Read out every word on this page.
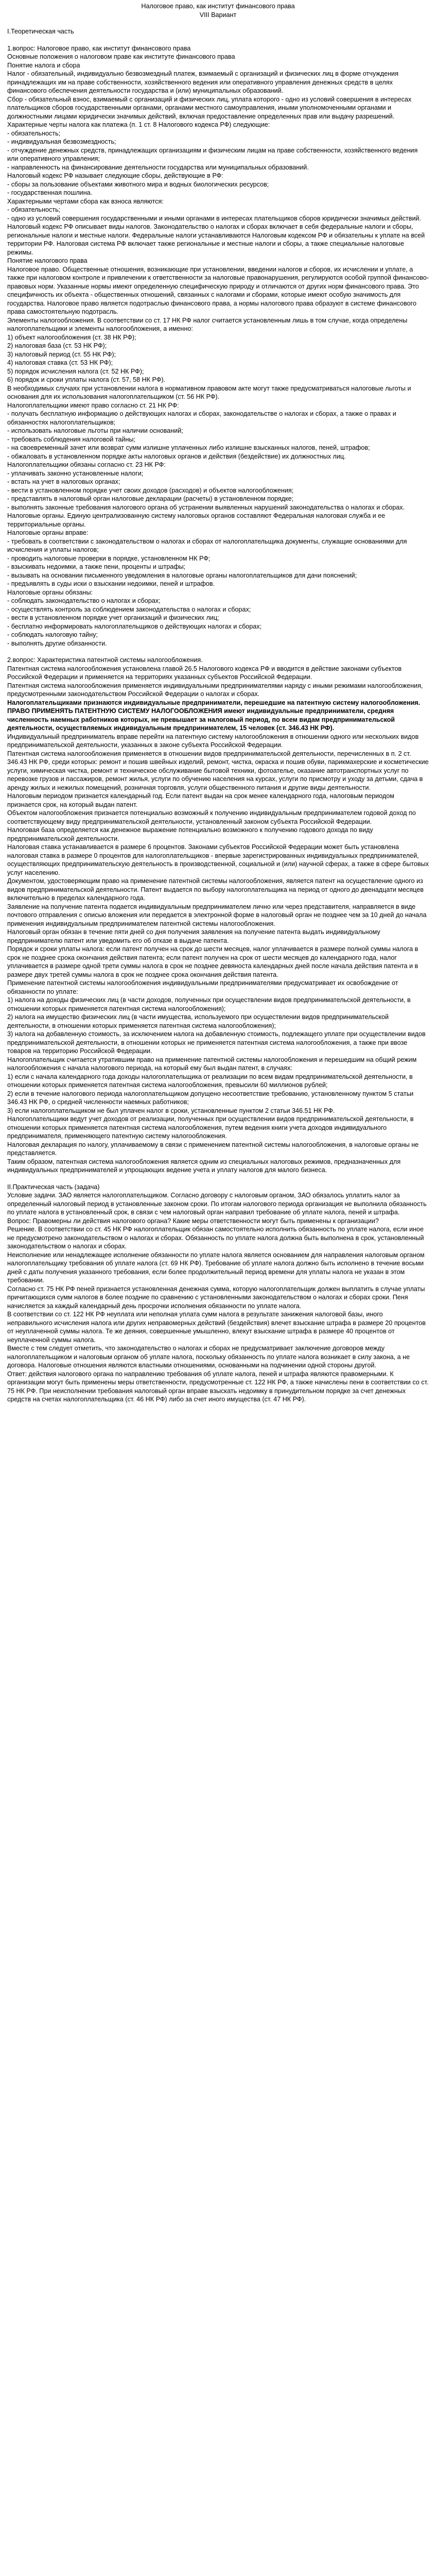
Налоговое право, как институт финансового права

VIII Вариант

I.Теоретическая часть

1.вопрос: Налоговое право, как институт финансового права

Основные положения о налоговом праве как институте финансового права

Понятие налога и сбора

Налог - обязательный, индивидуально безвозмездный платеж, взимаемый с организаций и физических лиц в форме отчуждения принадлежащих им на праве собственности, хозяйственного ведения или оперативного управления денежных средств в целях финансового обеспечения деятельности государства и (или) муниципальных образований.

Сбор - обязательный взнос, взимаемый с организаций и физических лиц, уплата которого - одно из условий совершения в интересах плательщиков сборов государственными органами, органами местного самоуправления, иными уполномоченными органами и должностными лицами юридически значимых действий, включая предоставление определенных прав или выдачу разрешений.

Характерные черты налога как платежа (п. 1 ст. 8 Налогового кодекса РФ) следующие:

- обязательность;

- индивидуальная безвозмездность;

- отчуждение денежных средств, принадлежащих организациям и физическим лицам на праве собственности, хозяйственного ведения или оперативного управления;

- направленность на финансирование деятельности государства или муниципальных образований.

Налоговый кодекс РФ называет следующие сборы, действующие в РФ:

- сборы за пользование объектами животного мира и водных биологических ресурсов;

- государственная пошлина.

Характерными чертами сбора как взноса являются:

- обязательность;

- одно из условий совершения государственными и иными органами в интересах плательщиков сборов юридически значимых действий.

Налоговый кодекс РФ описывает виды налогов. Законодательство о налогах и сборах включает в себя федеральные налоги и сборы, региональные налоги и местные налоги. Федеральные налоги устанавливаются Налоговым кодексом РФ и обязательны к уплате на всей территории РФ. Налоговая система РФ включает также региональные и местные налоги и сборы, а также специальные налоговые режимы.

Понятие налогового права

Налоговое право. Общественные отношения, возникающие при установлении, введении налогов и сборов, их исчислении и уплате, а также при налоговом контроле и привлечении к ответственности за налоговые правонарушения, регулируются особой группой финансово-правовых норм. Указанные нормы имеют определенную специфическую природу и отличаются от других норм финансового права. Это специфичность их объекта - общественных отношений, связанных с налогами и сборами, которые имеют особую значимость для государства. Налоговое право является подотраслью финансового права, а нормы налогового права образуют в системе финансового права самостоятельную подотрасль.

Элементы налогообложения. В соответствии со ст. 17 НК РФ налог считается установленным лишь в том случае, когда определены налогоплательщики и элементы налогообложения, а именно:

1) объект налогообложения (ст. 38 НК РФ);

2) налоговая база (ст. 53 НК РФ);

3) налоговый период (ст. 55 НК РФ);

4) налоговая ставка (ст. 53 НК РФ);

5) порядок исчисления налога (ст. 52 НК РФ);

6) порядок и сроки уплаты налога (ст. 57, 58 НК РФ).

В необходимых случаях при установлении налога в нормативном правовом акте могут также предусматриваться налоговые льготы и основания для их использования налогоплательщиком (ст. 56 НК РФ).

Налогоплательщики имеют право согласно ст. 21 НК РФ:

- получать бесплатную информацию о действующих налогах и сборах, законодательстве о налогах и сборах, а также о правах и обязанностях налогоплательщиков;

- использовать налоговые льготы при наличии оснований;

- требовать соблюдения налоговой тайны;

- на своевременный зачет или возврат сумм излишне уплаченных либо излишне взысканных налогов, пеней, штрафов;

- обжаловать в установленном порядке акты налоговых органов и действия (бездействие) их должностных лиц.

Налогоплательщики обязаны согласно ст. 23 НК РФ:

- уплачивать законно установленные налоги;

- встать на учет в налоговых органах;

- вести в установленном порядке учет своих доходов (расходов) и объектов налогообложения;

- представлять в налоговый орган налоговые декларации (расчеты) в установленном порядке;

- выполнять законные требования налогового органа об устранении выявленных нарушений законодательства о налогах и сборах.

Налоговые органы. Единую централизованную систему налоговых органов составляют Федеральная налоговая служба и ее территориальные органы.

Налоговые органы вправе:

- требовать в соответствии с законодательством о налогах и сборах от налогоплательщика документы, служащие основаниями для исчисления и уплаты налогов;

- проводить налоговые проверки в порядке, установленном НК РФ;

- взыскивать недоимки, а также пени, проценты и штрафы;

- вызывать на основании письменного уведомления в налоговые органы налогоплательщиков для дачи пояснений;

- предъявлять в суды иски о взыскании недоимки, пеней и штрафов.

Налоговые органы обязаны:

- соблюдать законодательство о налогах и сборах;

- осуществлять контроль за соблюдением законодательства о налогах и сборах;

- вести в установленном порядке учет организаций и физических лиц;

- бесплатно информировать налогоплательщиков о действующих налогах и сборах;

- соблюдать налоговую тайну;

- выполнять другие обязанности.

2.вопрос: Характеристика патентной системы налогообложения.

Патентная система налогообложения установлена главой 26.5 Налогового кодекса РФ и вводится в действие законами субъектов Российской Федерации и применяется на территориях указанных субъектов Российской Федерации.

Патентная система налогообложения применяется индивидуальными предпринимателями наряду с иными режимами налогообложения, предусмотренными законодательством Российской Федерации о налогах и сборах.

Налогоплательщиками признаются индивидуальные предприниматели, перешедшие на патентную систему налогообложения. ПРАВО ПРИМЕНЯТЬ ПАТЕНТНУЮ СИСТЕМУ НАЛОГООБЛОЖЕНИЯ имеют индивидуальные предприниматели, средняя численность наемных работников которых, не превышает за налоговый период, по всем видам предпринимательской деятельности, осуществляемых индивидуальным предпринимателем, 15 человек (ст. 346.43 НК РФ).

Индивидуальный предприниматель вправе перейти на патентную систему налогообложения в отношении одного или нескольких видов предпринимательской деятельности, указанных в законе субъекта Российской Федерации.

Патентная система налогообложения применяется в отношении видов предпринимательской деятельности, перечисленных в п. 2 ст. 346.43 НК РФ, среди которых: ремонт и пошив швейных изделий, ремонт, чистка, окраска и пошив обуви, парикмахерские и косметические услуги, химическая чистка, ремонт и техническое обслуживание бытовой техники, фотоателье, оказание автотранспортных услуг по перевозке грузов и пассажиров, ремонт жилья, услуги по обучению населения на курсах, услуги по присмотру и уходу за детьми, сдача в аренду жилых и нежилых помещений, розничная торговля, услуги общественного питания и другие виды деятельности.

Налоговым периодом признается календарный год. Если патент выдан на срок менее календарного года, налоговым периодом признается срок, на который выдан патент.

Объектом налогообложения признается потенциально возможный к получению индивидуальным предпринимателем годовой доход по соответствующему виду предпринимательской деятельности, установленный законом субъекта Российской Федерации.

Налоговая база определяется как денежное выражение потенциально возможного к получению годового дохода по виду предпринимательской деятельности.

Налоговая ставка устанавливается в размере 6 процентов. Законами субъектов Российской Федерации может быть установлена налоговая ставка в размере 0 процентов для налогоплательщиков - впервые зарегистрированных индивидуальных предпринимателей, осуществляющих предпринимательскую деятельность в производственной, социальной и (или) научной сферах, а также в сфере бытовых услуг населению.

Документом, удостоверяющим право на применение патентной системы налогообложения, является патент на осуществление одного из видов предпринимательской деятельности. Патент выдается по выбору налогоплательщика на период от одного до двенадцати месяцев включительно в пределах календарного года.

Заявление на получение патента подается индивидуальным предпринимателем лично или через представителя, направляется в виде почтового отправления с описью вложения или передается в электронной форме в налоговый орган не позднее чем за 10 дней до начала применения индивидуальным предпринимателем патентной системы налогообложения.

Налоговый орган обязан в течение пяти дней со дня получения заявления на получение патента выдать индивидуальному предпринимателю патент или уведомить его об отказе в выдаче патента.

Порядок и сроки уплаты налога: если патент получен на срок до шести месяцев, налог уплачивается в размере полной суммы налога в срок не позднее срока окончания действия патента; если патент получен на срок от шести месяцев до календарного года, налог уплачивается в размере одной трети суммы налога в срок не позднее девяноста календарных дней после начала действия патента и в размере двух третей суммы налога в срок не позднее срока окончания действия патента.

Применение патентной системы налогообложения индивидуальными предпринимателями предусматривает их освобождение от обязанности по уплате:

1) налога на доходы физических лиц (в части доходов, полученных при осуществлении видов предпринимательской деятельности, в отношении которых применяется патентная система налогообложения);

2) налога на имущество физических лиц (в части имущества, используемого при осуществлении видов предпринимательской деятельности, в отношении которых применяется патентная система налогообложения);

3) налога на добавленную стоимость, за исключением налога на добавленную стоимость, подлежащего уплате при осуществлении видов предпринимательской деятельности, в отношении которых не применяется патентная система налогообложения, а также при ввозе товаров на территорию Российской Федерации.

Налогоплательщик считается утратившим право на применение патентной системы налогообложения и перешедшим на общий режим налогообложения с начала налогового периода, на который ему был выдан патент, в случаях:

1) если с начала календарного года доходы налогоплательщика от реализации по всем видам предпринимательской деятельности, в отношении которых применяется патентная система налогообложения, превысили 60 миллионов рублей;

2) если в течение налогового периода налогоплательщиком допущено несоответствие требованию, установленному пунктом 5 статьи 346.43 НК РФ, о средней численности наемных работников;

3) если налогоплательщиком не был уплачен налог в сроки, установленные пунктом 2 статьи 346.51 НК РФ.

Налогоплательщики ведут учет доходов от реализации, полученных при осуществлении видов предпринимательской деятельности, в отношении которых применяется патентная система налогообложения, путем ведения книги учета доходов индивидуального предпринимателя, применяющего патентную систему налогообложения.

Налоговая декларация по налогу, уплачиваемому в связи с применением патентной системы налогообложения, в налоговые органы не представляется.

Таким образом, патентная система налогообложения является одним из специальных налоговых режимов, предназначенных для индивидуальных предпринимателей и упрощающих ведение учета и уплату налогов для малого бизнеса.

II.Практическая часть (задача)

Условие задачи. ЗАО является налогоплательщиком. Согласно договору с налоговым органом, ЗАО обязалось уплатить налог за определенный налоговый период в установленные законом сроки. По итогам налогового периода организация не выполнила обязанность по уплате налога в установленный срок, в связи с чем налоговый орган направил требование об уплате налога, пеней и штрафа.

Вопрос: Правомерны ли действия налогового органа? Какие меры ответственности могут быть применены к организации?

Решение. В соответствии со ст. 45 НК РФ налогоплательщик обязан самостоятельно исполнить обязанность по уплате налога, если иное не предусмотрено законодательством о налогах и сборах. Обязанность по уплате налога должна быть выполнена в срок, установленный законодательством о налогах и сборах.

Неисполнение или ненадлежащее исполнение обязанности по уплате налога является основанием для направления налоговым органом налогоплательщику требования об уплате налога (ст. 69 НК РФ). Требование об уплате налога должно быть исполнено в течение восьми дней с даты получения указанного требования, если более продолжительный период времени для уплаты налога не указан в этом требовании.

Согласно ст. 75 НК РФ пеней признается установленная денежная сумма, которую налогоплательщик должен выплатить в случае уплаты причитающихся сумм налогов в более поздние по сравнению с установленными законодательством о налогах и сборах сроки. Пеня начисляется за каждый календарный день просрочки исполнения обязанности по уплате налога.

В соответствии со ст. 122 НК РФ неуплата или неполная уплата сумм налога в результате занижения налоговой базы, иного неправильного исчисления налога или других неправомерных действий (бездействия) влечет взыскание штрафа в размере 20 процентов от неуплаченной суммы налога. Те же деяния, совершенные умышленно, влекут взыскание штрафа в размере 40 процентов от неуплаченной суммы налога.

Вместе с тем следует отметить, что законодательство о налогах и сборах не предусматривает заключение договоров между налогоплательщиком и налоговым органом об уплате налога, поскольку обязанность по уплате налога возникает в силу закона, а не договора. Налоговые отношения являются властными отношениями, основанными на подчинении одной стороны другой.

Ответ: действия налогового органа по направлению требования об уплате налога, пеней и штрафа являются правомерными. К организации могут быть применены меры ответственности, предусмотренные ст. 122 НК РФ, а также начислены пени в соответствии со ст. 75 НК РФ. При неисполнении требования налоговый орган вправе взыскать недоимку в принудительном порядке за счет денежных средств на счетах налогоплательщика (ст. 46 НК РФ) либо за счет иного имущества (ст. 47 НК РФ).
